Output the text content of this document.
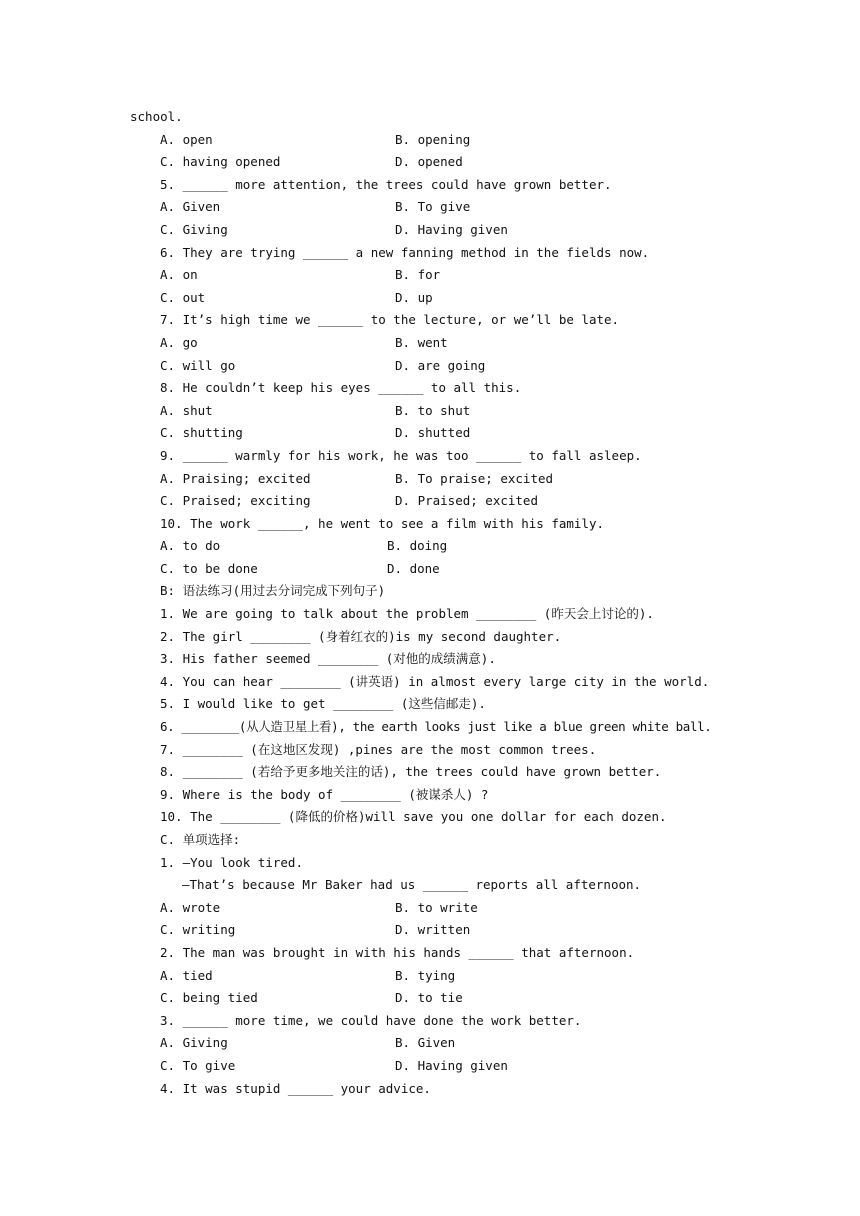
school.
A. open	B. opening
C. having opened	D. opened
5. ______ more attention, the trees could have grown better.
A. Given	B. To give
C. Giving	D. Having given
6. They are trying ______ a new fanning method in the fields now.
A. on	B. for
C. out	D. up
7. It’s high time we ______ to the lecture, or we’ll be late.
A. go	B. went
C. will go	D. are going
8. He couldn’t keep his eyes ______ to all this.
A. shut	B. to shut
C. shutting	D. shutted
9. ______ warmly for his work, he was too ______ to fall asleep.
A. Praising; excited	B. To praise; excited
C. Praised; exciting	D. Praised; excited
10. The work ______, he went to see a film with his family.
A. to do	B. doing
C. to be done	D. done
B: 语法练习(用过去分词完成下列句子)
1. We are going to talk about the problem ________ (昨天会上讨论的).
2. The girl ________ (身着红衣的)is my second daughter.
3. His father seemed ________ (对他的成绩满意).
4. You can hear ________ (讲英语) in almost every large city in the world.
5. I would like to get ________ (这些信邮走).
6. ________(从人造卫星上看), the earth looks just like a blue green white ball.
7. ________ (在这地区发现) ,pines are the most common trees.
8. ________ (若给予更多地关注的话), the trees could have grown better.
9. Where is the body of ________ (被谋杀人) ?
10. The ________ (降低的价格)will save you one dollar for each dozen.
C. 单项选择:
1. —You look tired.
—That’s because Mr Baker had us ______ reports all afternoon.
A. wrote	B. to write
C. writing	D. written
2. The man was brought in with his hands ______ that afternoon.
A. tied	B. tying
C. being tied	D. to tie
3. ______ more time, we could have done the work better.
A. Giving	B. Given
C. To give	D. Having given
4. It was stupid ______ your advice.
